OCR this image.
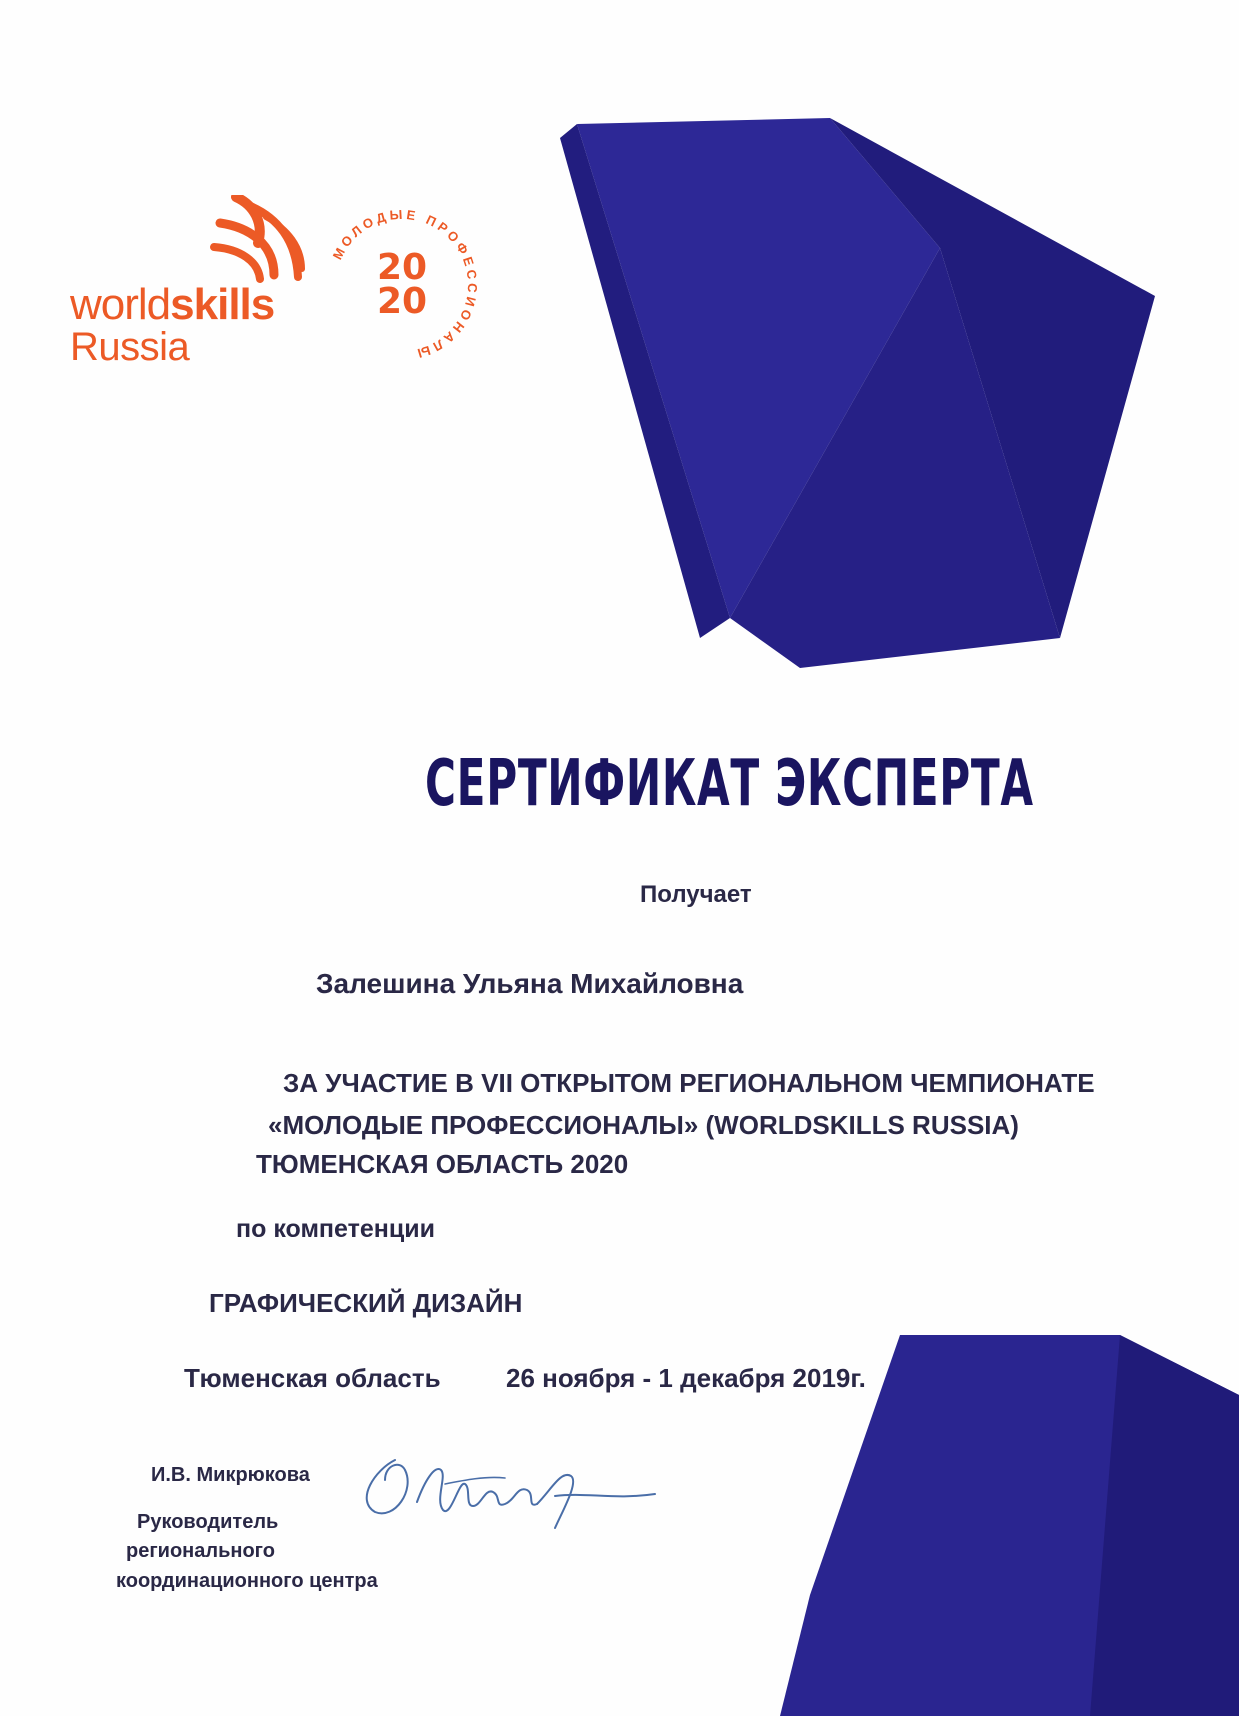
worldskills
Russia
МОЛОДЫЕ ПРОФЕССИОНАЛЫ
20
20
СЕРТИФИКАТ ЭКСПЕРТА
Получает
Залешина Ульяна Михайловна
ЗА УЧАСТИЕ В VII ОТКРЫТОМ РЕГИОНАЛЬНОМ ЧЕМПИОНАТЕ
«МОЛОДЫЕ ПРОФЕССИОНАЛЫ» (WORLDSKILLS RUSSIA)
ТЮМЕНСКАЯ ОБЛАСТЬ 2020
по компетенции
ГРАФИЧЕСКИЙ ДИЗАЙН
Тюменская область	26 ноября - 1 декабря 2019г.
И.В. Микрюкова
Руководитель
регионального
координационного центра
